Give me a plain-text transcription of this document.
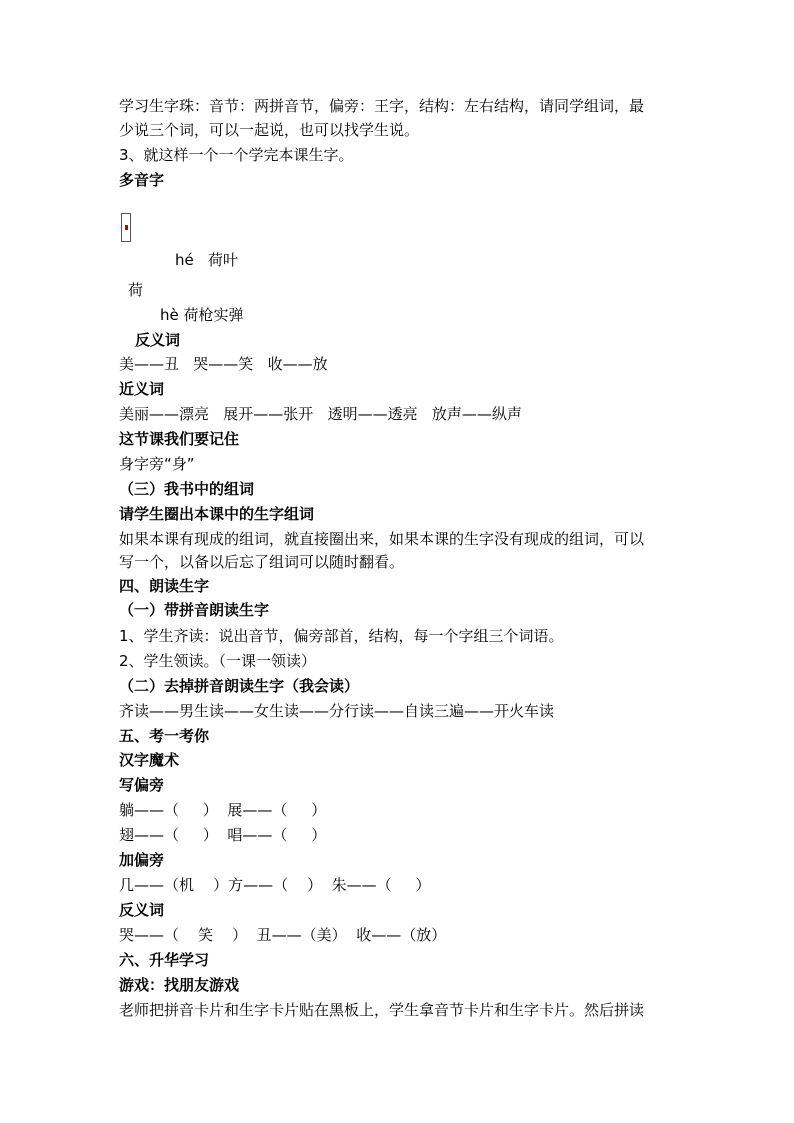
学习生字珠：音节：两拼音节，偏旁：王字，结构：左右结构，请同学组词，最
少说三个词，可以一起说，也可以找学生说。
3、就这样一个一个学完本课生字。
多音字
hé   荷叶
荷
hè 荷枪实弹
反义词
美——丑   哭——笑   收——放
近义词
美丽——漂亮   展开——张开   透明——透亮   放声——纵声
这节课我们要记住
身字旁“身”
（三）我书中的组词
请学生圈出本课中的生字组词
如果本课有现成的组词，就直接圈出来，如果本课的生字没有现成的组词，可以
写一个，以备以后忘了组词可以随时翻看。
四、朗读生字
（一）带拼音朗读生字
1、学生齐读：说出音节，偏旁部首，结构，每一个字组三个词语。
2、学生领读。（一课一领读）
（二）去掉拼音朗读生字（我会读）
齐读——男生读——女生读——分行读——自读三遍——开火车读
五、考一考你
汉字魔术
写偏旁
躺——（     ）  展——（     ）
翅——（     ）  唱——（     ）
加偏旁
几——（机    ）方——（    ）  朱——（     ）
反义词
哭——（    笑    ）  丑——（美）  收——（放）
六、升华学习
游戏：找朋友游戏
老师把拼音卡片和生字卡片贴在黑板上，学生拿音节卡片和生字卡片。然后拼读
